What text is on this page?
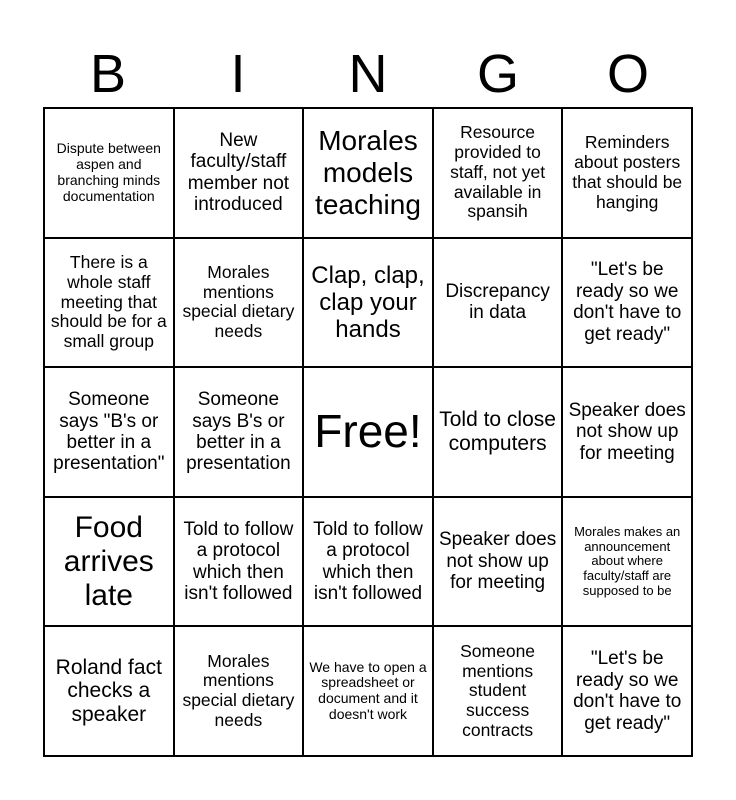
B	I	N	G	O
Dispute between aspen and branching minds documentation
New faculty/staff member not introduced
Morales models teaching
Resource provided to staff, not yet available in spansih
Reminders about posters that should be hanging
There is a whole staff meeting that should be for a small group
Morales mentions special dietary needs
Clap, clap, clap your hands
Discrepancy in data
"Let's be ready so we don't have to get ready"
Someone says "B's or better in a presentation"
Someone says B's or better in a presentation
Free! Told to close computers
Speaker does not show up for meeting
Food arrives late
Told to follow a protocol which then isn't followed
Told to follow a protocol which then isn't followed
Speaker does not show up for meeting
Morales makes an announcement about where faculty/staff are supposed to be
Roland fact checks a speaker
Morales mentions special dietary needs
We have to open a spreadsheet or document and it doesn't work
Someone mentions student success contracts
"Let's be ready so we don't have to get ready"
